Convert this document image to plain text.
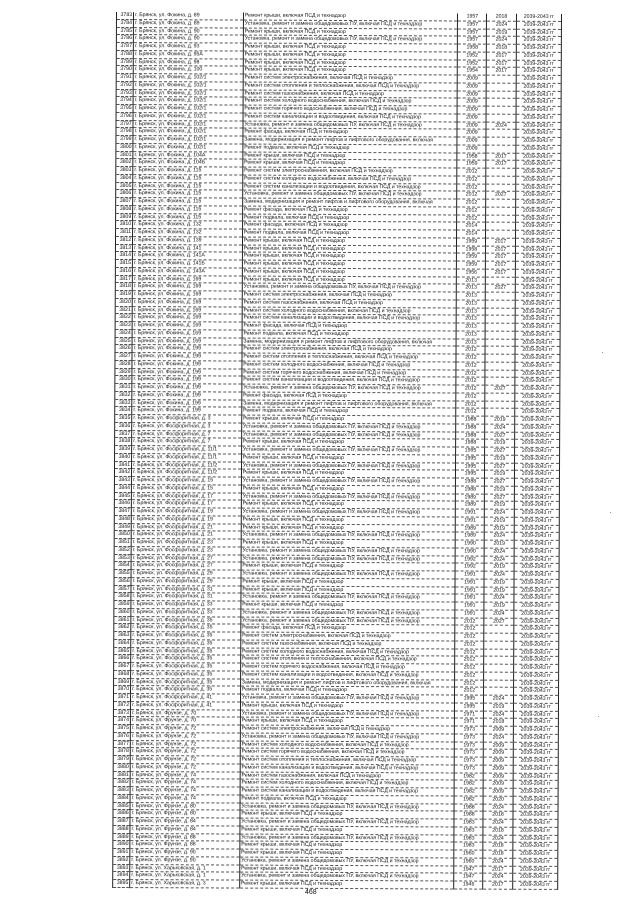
3783	г. Брянск, ул. Фокина, д. 89	Ремонт крыши, включая ПСД и технадзор	1957	2018	2039-2043 гг
3784	г. Брянск, ул. Фокина, д. 89	Установка, ремонт и замена общедомовых ПУ, включая ПСД и технадзор	1957	2024	2039-2043 гг
3785	г. Брянск, ул. Фокина, д. 90	Ремонт крыши, включая ПСД и технадзор	1957	2019	2039-2043 гг
3786	г. Брянск, ул. Фокина, д. 90	Установка, ремонт и замена общедомовых ПУ, включая ПСД и технадзор	1957	2024	2039-2043 гг
3787	г. Брянск, ул. Фокина, д. 93	Ремонт крыши, включая ПСД и технадзор	1958	2018	2039-2043 гг
3788	г. Брянск, ул. Фокина, д. 95А	Ремонт крыши, включая ПСД и технадзор	1952	2017	2039-2043 гг
3789	г. Брянск, ул. Фокина, д. 98	Ремонт крыши, включая ПСД и технадзор	1952	2017	2039-2043 гг
3790	г. Брянск, ул. Фокина, д. 100	Ремонт крыши, включая ПСД и технадзор	1954	2017	2039-2043 гг
3791	г. Брянск, ул. Фокина, д. 102/1	Ремонт систем электроснабжения, включая ПСД и технадзор	2009		2039-2043 гг
3792	г. Брянск, ул. Фокина, д. 102/1	Ремонт систем отопления и теплоснабжения, включая ПСД и технадзор	2009		2039-2043 гг
3793	г. Брянск, ул. Фокина, д. 102/1	Ремонт систем газоснабжения, включая ПСД и технадзор	2009		2039-2043 гг
3794	г. Брянск, ул. Фокина, д. 102/1	Ремонт систем холодного водоснабжения, включая ПСД и технадзор	2009		2039-2043 гг
3795	г. Брянск, ул. Фокина, д. 102/1	Ремонт систем горячего водоснабжения, включая ПСД и технадзор	2009		2039-2043 гг
3796	г. Брянск, ул. Фокина, д. 102/1	Ремонт систем канализации и водоотведения, включая ПСД и технадзор	2009		2039-2043 гг
3797	г. Брянск, ул. Фокина, д. 102/1	Установка, ремонт и замена общедомовых ПУ, включая ПСД и технадзор	2009	2024	2039-2043 гг
3798	г. Брянск, ул. Фокина, д. 102/1	Ремонт фасада, включая ПСД и технадзор	2009		2039-2043 гг
3799	г. Брянск, ул. Фокина, д. 102/1	Замена, модернизация и ремонт лифтов и лифтового оборудования, включая	2009		2039-2043 гг
3800	г. Брянск, ул. Фокина, д. 102/1	Ремонт подвала, включая ПСД и технадзор	2009		2039-2043 гг
3801	г. Брянск, ул. Фокина, д. 104А	Ремонт крыши, включая ПСД и технадзор	1958	2017	2039-2043 гг
3802	г. Брянск, ул. Фокина, д. 104Б	Ремонт крыши, включая ПСД и технадзор	1959	2017	2039-2043 гг
3803	г. Брянск, ул. Фокина, д. 115	Ремонт систем электроснабжения, включая ПСД и технадзор	2012		2039-2043 гг
3804	г. Брянск, ул. Фокина, д. 115	Ремонт систем холодного водоснабжения, включая ПСД и технадзор	2012		2039-2043 гг
3805	г. Брянск, ул. Фокина, д. 115	Ремонт систем канализации и водоотведения, включая ПСД и технадзор	2012		2039-2043 гг
3806	г. Брянск, ул. Фокина, д. 115	Установка, ремонт и замена общедомовых ПУ, включая ПСД и технадзор	2012	2027	2039-2043 гг
3807	г. Брянск, ул. Фокина, д. 115	Замена, модернизация и ремонт лифтов и лифтового оборудования, включая	2012		2039-2043 гг
3808	г. Брянск, ул. Фокина, д. 115	Ремонт фасада, включая ПСД и технадзор	2012		2039-2043 гг
3809	г. Брянск, ул. Фокина, д. 115	Ремонт подвала, включая ПСД и технадзор	2012		2039-2043 гг
3810	г. Брянск, ул. Фокина, д. 132	Ремонт фасада, включая ПСД и технадзор	2014		2039-2043 гг
3811	г. Брянск, ул. Фокина, д. 132	Ремонт подвала, включая ПСД и технадзор	2014		2039-2043 гг
3812	г. Брянск, ул. Фокина, д. 139	Ремонт крыши, включая ПСД и технадзор	1959	2017	2039-2043 гг
3813	г. Брянск, ул. Фокина, д. 141	Ремонт крыши, включая ПСД и технадзор	1958	2017	2039-2043 гг
3814	г. Брянск, ул. Фокина, д. 141А	Ремонт крыши, включая ПСД и технадзор	1959	2017	2039-2043 гг
3815	г. Брянск, ул. Фокина, д. 141Б	Ремонт крыши, включая ПСД и технадзор	1959	2017	2039-2043 гг
3816	г. Брянск, ул. Фокина, д. 143А	Ремонт крыши, включая ПСД и технадзор	1956	2017	2039-2043 гг
3817	г. Брянск, ул. Фокина, д. 169	Ремонт крыши, включая ПСД и технадзор	2013		2039-2043 гг
3818	г. Брянск, ул. Фокина, д. 169	Установка, ремонт и замена общедомовых ПУ, включая ПСД и технадзор	2013	2027	2039-2043 гг
3819	г. Брянск, ул. Фокина, д. 169	Ремонт систем электроснабжения, включая ПСД и технадзор	2013		2039-2043 гг
3820	г. Брянск, ул. Фокина, д. 169	Ремонт систем газоснабжения, включая ПСД и технадзор	2013		2039-2043 гг
3821	г. Брянск, ул. Фокина, д. 169	Ремонт систем холодного водоснабжения, включая ПСД и технадзор	2013		2039-2043 гг
3822	г. Брянск, ул. Фокина, д. 169	Ремонт систем канализации и водоотведения, включая ПСД и технадзор	2013		2039-2043 гг
3823	г. Брянск, ул. Фокина, д. 169	Ремонт фасада, включая ПСД и технадзор	2013		2039-2043 гг
3824	г. Брянск, ул. Фокина, д. 169	Ремонт подвала, включая ПСД и технадзор	2013		2039-2043 гг
3825	г. Брянск, ул. Фокина, д. 169	Замена, модернизация и ремонт лифтов и лифтового оборудования, включая	2013		2039-2043 гг
3826	г. Брянск, ул. Фокина, д. 199	Ремонт систем электроснабжения, включая ПСД и технадзор	2012		2039-2043 гг
3827	г. Брянск, ул. Фокина, д. 199	Ремонт систем отопления и теплоснабжения, включая ПСД и технадзор	2012		2039-2043 гг
3828	г. Брянск, ул. Фокина, д. 199	Ремонт систем холодного водоснабжения, включая ПСД и технадзор	2012		2039-2043 гг
3829	г. Брянск, ул. Фокина, д. 199	Ремонт систем горячего водоснабжения, включая ПСД и технадзор	2012		2039-2043 гг
3830	г. Брянск, ул. Фокина, д. 199	Ремонт систем канализации и водоотведения, включая ПСД и технадзор	2012		2039-2043 гг
3831	г. Брянск, ул. Фокина, д. 199	Установка, ремонт и замена общедомовых ПУ, включая ПСД и технадзор	2012	2027	2039-2043 гг
3832	г. Брянск, ул. Фокина, д. 199	Ремонт фасада, включая ПСД и технадзор	2012		2039-2043 гг
3833	г. Брянск, ул. Фокина, д. 199	Замена, модернизация и ремонт лифтов и лифтового оборудования, включая	2012		2039-2043 гг
3834	г. Брянск, ул. Фокина, д. 199	Ремонт подвала, включая ПСД и технадзор	2012		2039-2043 гг
3835	г. Брянск, ул. Фосфоритная, д. 3	Ремонт крыши, включая ПСД и технадзор	1988	2019	2039-2043 гг
3836	г. Брянск, ул. Фосфоритная, д. 3	Установка, ремонт и замена общедомовых ПУ, включая ПСД и технадзор	1988	2024	2039-2043 гг
3837	г. Брянск, ул. Фосфоритная, д. 7	Установка, ремонт и замена общедомовых ПУ, включая ПСД и технадзор	1988	2027	2039-2043 гг
3838	г. Брянск, ул. Фосфоритная, д. 7	Ремонт крыши, включая ПСД и технадзор	1988	2019	2039-2043 гг
3839	г. Брянск, ул. Фосфоритная, д. 11/1	Установка, ремонт и замена общедомовых ПУ, включая ПСД и технадзор	1995	2027	2039-2043 гг
3840	г. Брянск, ул. Фосфоритная, д. 11/1	Ремонт крыши, включая ПСД и технадзор	1995	2019	2039-2043 гг
3841	г. Брянск, ул. Фосфоритная, д. 11/2	Установка, ремонт и замена общедомовых ПУ, включая ПСД и технадзор	1995	2027	2039-2043 гг
3842	г. Брянск, ул. Фосфоритная, д. 11/2	Ремонт крыши, включая ПСД и технадзор	1995	2019	2039-2043 гг
3843	г. Брянск, ул. Фосфоритная, д. 15	Установка, ремонт и замена общедомовых ПУ, включая ПСД и технадзор	1988	2027	2039-2043 гг
3844	г. Брянск, ул. Фосфоритная, д. 15	Ремонт крыши, включая ПСД и технадзор	1988	2019	2039-2043 гг
3845	г. Брянск, ул. Фосфоритная, д. 17	Установка, ремонт и замена общедомовых ПУ, включая ПСД и технадзор	1989	2027	2039-2043 гг
3846	г. Брянск, ул. Фосфоритная, д. 17	Ремонт крыши, включая ПСД и технадзор	1989	2019	2039-2043 гг
3847	г. Брянск, ул. Фосфоритная, д. 19	Установка, ремонт и замена общедомовых ПУ, включая ПСД и технадзор	1991	2024	2039-2043 гг
3848	г. Брянск, ул. Фосфоритная, д. 19	Ремонт крыши, включая ПСД и технадзор	1991	2019	2039-2043 гг
3849	г. Брянск, ул. Фосфоритная, д. 21	Ремонт крыши, включая ПСД и технадзор	1989	2019	2039-2043 гг
3850	г. Брянск, ул. Фосфоритная, д. 21	Установка, ремонт и замена общедомовых ПУ, включая ПСД и технадзор	1989	2024	2039-2043 гг
3851	г. Брянск, ул. Фосфоритная, д. 23	Ремонт крыши, включая ПСД и технадзор	1990	2019	2039-2043 гг
3852	г. Брянск, ул. Фосфоритная, д. 23	Установка, ремонт и замена общедомовых ПУ, включая ПСД и технадзор	1990	2024	2039-2043 гг
3853	г. Брянск, ул. Фосфоритная, д. 27	Установка, ремонт и замена общедомовых ПУ, включая ПСД и технадзор	1992	2024	2039-2043 гг
3854	г. Брянск, ул. Фосфоритная, д. 27	Ремонт крыши, включая ПСД и технадзор	1992	2019	2039-2043 гг
3855	г. Брянск, ул. Фосфоритная, д. 29	Установка, ремонт и замена общедомовых ПУ, включая ПСД и технадзор	1991	2024	2039-2043 гг
3856	г. Брянск, ул. Фосфоритная, д. 29	Ремонт крыши, включая ПСД и технадзор	1991	2019	2039-2043 гг
3857	г. Брянск, ул. Фосфоритная, д. 31	Ремонт крыши, включая ПСД и технадзор	1991	2019	2039-2043 гг
3858	г. Брянск, ул. Фосфоритная, д. 31	Установка, ремонт и замена общедомовых ПУ, включая ПСД и технадзор	1991	2024	2039-2043 гг
3859	г. Брянск, ул. Фосфоритная, д. 33	Ремонт крыши, включая ПСД и технадзор	1991	2019	2039-2043 гг
3860	г. Брянск, ул. Фосфоритная, д. 33	Установка, ремонт и замена общедомовых ПУ, включая ПСД и технадзор	1991	2024	2039-2043 гг
3861	г. Брянск, ул. Фосфоритная, д. 35	Установка, ремонт и замена общедомовых ПУ, включая ПСД и технадзор	2012	2027	2039-2043 гг
3862	г. Брянск, ул. Фосфоритная, д. 35	Ремонт фасада, включая ПСД и технадзор	2012		2039-2043 гг
3863	г. Брянск, ул. Фосфоритная, д. 35	Ремонт систем электроснабжения, включая ПСД и технадзор	2012		2039-2043 гг
3864	г. Брянск, ул. Фосфоритная, д. 35	Ремонт систем газоснабжения, включая ПСД и технадзор	2012		2039-2043 гг
3865	г. Брянск, ул. Фосфоритная, д. 35	Ремонт систем холодного водоснабжения, включая ПСД и технадзор	2012		2039-2043 гг
3866	г. Брянск, ул. Фосфоритная, д. 35	Ремонт систем отопления и теплоснабжения, включая ПСД и технадзор	2012		2039-2043 гг
3867	г. Брянск, ул. Фосфоритная, д. 35	Ремонт систем горячего водоснабжения, включая ПСД и технадзор	2012		2039-2043 гг
3868	г. Брянск, ул. Фосфоритная, д. 35	Ремонт систем канализации и водоотведения, включая ПСД и технадзор	2012		2039-2043 гг
3869	г. Брянск, ул. Фосфоритная, д. 35	Замена, модернизация и ремонт лифтов и лифтового оборудования, включая	2012		2039-2043 гг
3870	г. Брянск, ул. Фосфоритная, д. 35	Ремонт подвала, включая ПСД и технадзор	2012		2039-2043 гг
3871	г. Брянск, ул. Фосфоритная, д. 41	Установка, ремонт и замена общедомовых ПУ, включая ПСД и технадзор	1995	2024	2039-2043 гг
3872	г. Брянск, ул. Фосфоритная, д. 41	Ремонт крыши, включая ПСД и технадзор	1995	2019	2039-2043 гг
3873	г. Брянск, ул. Фрунзе, д. 70	Установка, ремонт и замена общедомовых ПУ, включая ПСД и технадзор	1971	2024	2039-2043 гг
3874	г. Брянск, ул. Фрунзе, д. 70	Ремонт крыши, включая ПСД и технадзор	1971	2018	2039-2043 гг
3875	г. Брянск, ул. Фрунзе, д. 72	Ремонт систем электроснабжения, включая ПСД и технадзор	1973	2009	2039-2043 гг
3876	г. Брянск, ул. Фрунзе, д. 72	Установка, ремонт и замена общедомовых ПУ, включая ПСД и технадзор	1973	2024	2039-2043 гг
3877	г. Брянск, ул. Фрунзе, д. 72	Ремонт систем холодного водоснабжения, включая ПСД и технадзор	1973	2009	2039-2043 гг
3878	г. Брянск, ул. Фрунзе, д. 72	Ремонт систем горячего водоснабжения, включая ПСД и технадзор	1973	2009	2039-2043 гг
3879	г. Брянск, ул. Фрунзе, д. 72	Ремонт систем отопления и теплоснабжения, включая ПСД и технадзор	1973	2009	2039-2043 гг
3880	г. Брянск, ул. Фрунзе, д. 72	Ремонт систем канализации и водоотведения, включая ПСД и технадзор	1973	2009	2039-2043 гг
3881	г. Брянск, ул. Фрунзе, д. 74	Ремонт систем газоснабжения, включая ПСД и технадзор	1982	2009	2039-2043 гг
3882	г. Брянск, ул. Фрунзе, д. 74	Ремонт систем холодного водоснабжения, включая ПСД и технадзор	1982	2009	2039-2043 гг
3883	г. Брянск, ул. Фрунзе, д. 74	Ремонт систем канализации и водоотведения, включая ПСД и технадзор	1982	2009	2039-2043 гг
3884	г. Брянск, ул. Фрунзе, д. 74	Ремонт подвала, включая ПСД и технадзор	1982	2020	2039-2043 гг
3885	г. Брянск, ул. Фрунзе, д. 80	Установка, ремонт и замена общедомовых ПУ, включая ПСД и технадзор	1988	2024	2039-2043 гг
3886	г. Брянск, ул. Фрунзе, д. 80	Ремонт крыши, включая ПСД и технадзор	1988	2018	2039-2043 гг
3887	г. Брянск, ул. Фрунзе, д. 84	Установка, ремонт и замена общедомовых ПУ, включая ПСД и технадзор	1983	2024	2039-2043 гг
3888	г. Брянск, ул. Фрунзе, д. 84	Ремонт крыши, включая ПСД и технадзор	1983	2018	2039-2043 гг
3889	г. Брянск, ул. Фрунзе, д. 88	Установка, ремонт и замена общедомовых ПУ, включая ПСД и технадзор	1983	2024	2039-2043 гг
3890	г. Брянск, ул. Фрунзе, д. 88	Ремонт крыши, включая ПСД и технадзор	1983	2018	2039-2043 гг
3891	г. Брянск, ул. Фрунзе, д. 90	Ремонт крыши, включая ПСД и технадзор	1960	2018	2039-2043 гг
3892	г. Брянск, ул. Фрунзе, д. 90	Установка, ремонт и замена общедомовых ПУ, включая ПСД и технадзор	1960	2024	2039-2043 гг
3893	г. Брянск, ул. Харьковская, д. 1	Ремонт крыши, включая ПСД и технадзор	1947	2017	2039-2043 гг
3894	г. Брянск, ул. Харьковская, д. 1	Установка, ремонт и замена общедомовых ПУ, включая ПСД и технадзор	1947	2024	2039-2043 гг
3895	г. Брянск, ул. Харьковская, д. 3	Ремонт крыши, включая ПСД и технадзор	1946	2017	2039-2043 гг
468
